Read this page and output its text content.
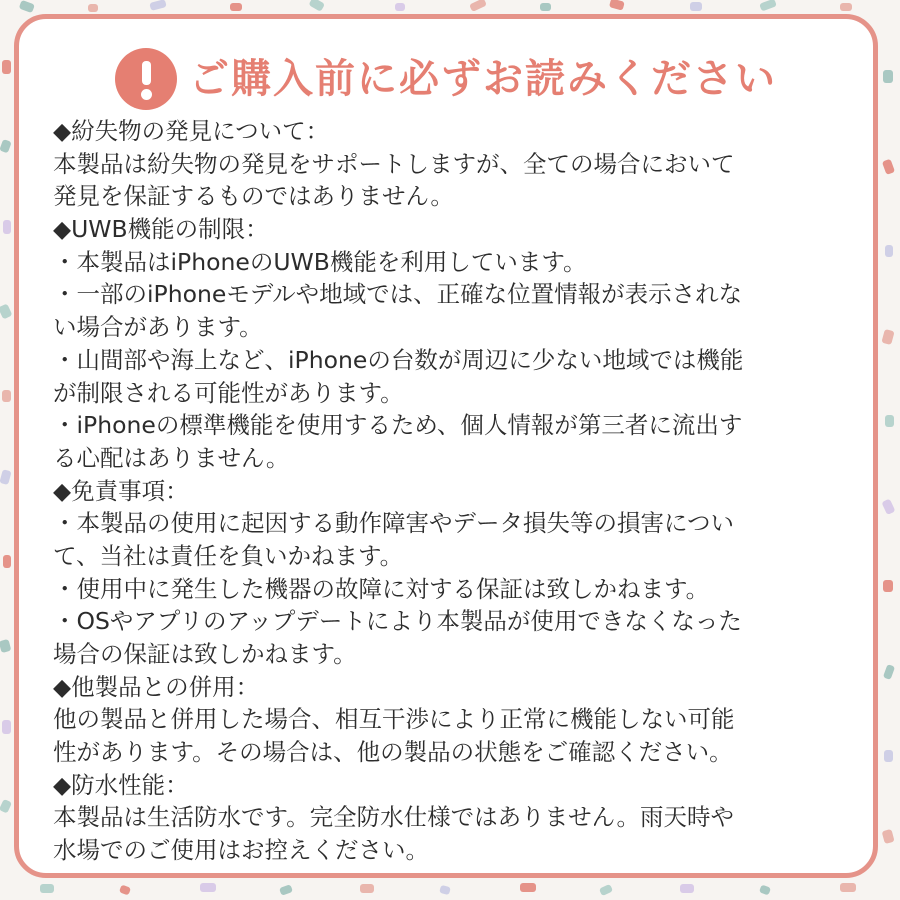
ご購入前に必ずお読みください
◆紛失物の発見について：
本製品は紛失物の発見をサポートしますが、全ての場合において
発見を保証するものではありません。
◆UWB機能の制限：
・本製品はiPhoneのUWB機能を利用しています。
・一部のiPhoneモデルや地域では、正確な位置情報が表示されな
い場合があります。
・山間部や海上など、iPhoneの台数が周辺に少ない地域では機能
が制限される可能性があります。
・iPhoneの標準機能を使用するため、個人情報が第三者に流出す
る心配はありません。
◆免責事項：
・本製品の使用に起因する動作障害やデータ損失等の損害につい
て、当社は責任を負いかねます。
・使用中に発生した機器の故障に対する保証は致しかねます。
・OSやアプリのアップデートにより本製品が使用できなくなった
場合の保証は致しかねます。
◆他製品との併用：
他の製品と併用した場合、相互干渉により正常に機能しない可能
性があります。その場合は、他の製品の状態をご確認ください。
◆防水性能：
本製品は生活防水です。完全防水仕様ではありません。雨天時や
水場でのご使用はお控えください。
